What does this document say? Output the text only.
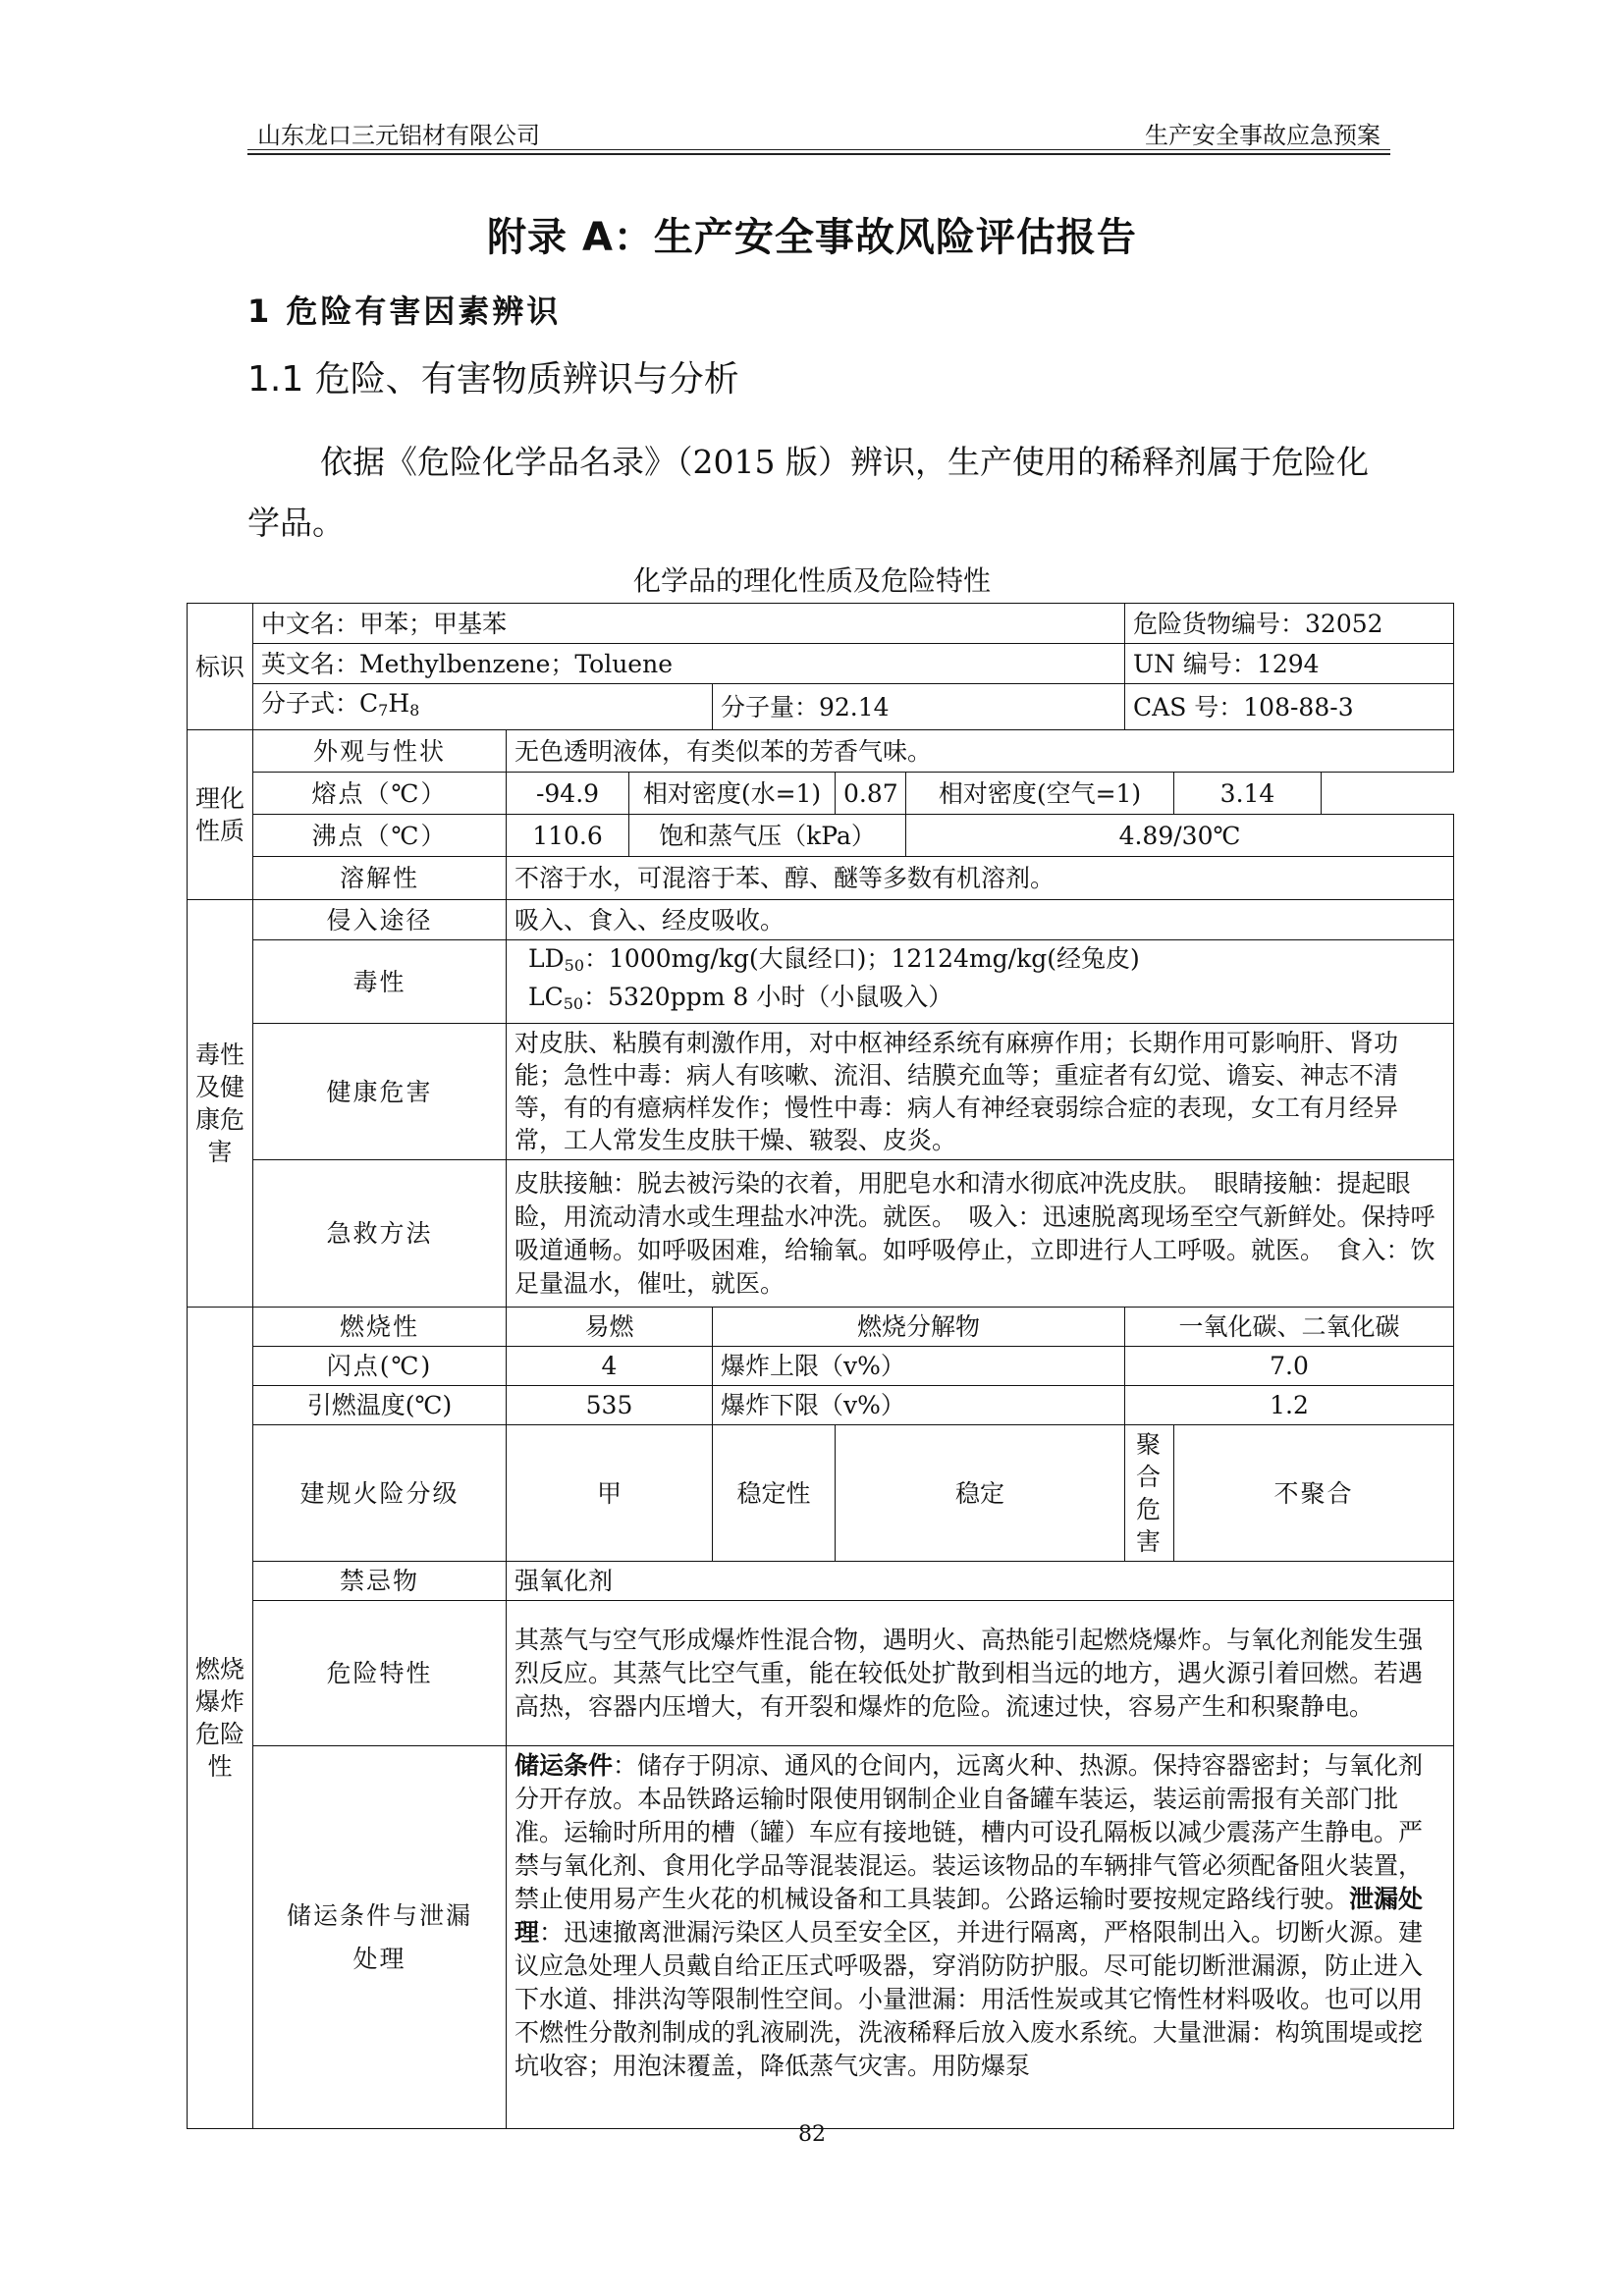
山东龙口三元铝材有限公司	生产安全事故应急预案
附录 A：生产安全事故风险评估报告
1 危险有害因素辨识
1.1 危险、有害物质辨识与分析
依据《危险化学品名录》（2015 版）辨识，生产使用的稀释剂属于危险化学品。
化学品的理化性质及危险特性
标识	中文名：甲苯；甲基苯						危险货物编号：32052	
	英文名：Methylbenzene；Toluene						UN 编号：1294	
	分子式：$C_7H_8$			分子量：92.14			CAS 号：108-88-3	
理化性质	外观与性状	无色透明液体，有类似苯的芳香气味。						
	熔点（℃）	-94.9	相对密度(水=1)		0.87	相对密度(空气=1)		3.14
	沸点（℃）	110.6	饱和蒸气压（kPa）			4.89/30℃		
	溶解性	不溶于水，可混溶于苯、醇、醚等多数有机溶剂。						
毒性及健康危害	侵入途径	吸入、食入、经皮吸收。						
	毒性	$LD_{50}$：1000mg/kg(大鼠经口)；12124mg/kg(经兔皮)
$LC_{50}$：5320ppm 8 小时（小鼠吸入）						

	健康危害	对皮肤、粘膜有刺激作用，对中枢神经系统有麻痹作用；长期作用可影响肝、肾功能；急性中毒：病人有咳嗽、流泪、结膜充血等；重症者有幻觉、谵妄、神志不清等，有的有癔病样发作；慢性中毒：病人有神经衰弱综合症的表现，女工有月经异常，工人常发生皮肤干燥、皲裂、皮炎。						
	急救方法	皮肤接触：脱去被污染的衣着，用肥皂水和清水彻底冲洗皮肤。　眼睛接触：提起眼睑，用流动清水或生理盐水冲洗。就医。　吸入：迅速脱离现场至空气新鲜处。保持呼吸道通畅。如呼吸困难，给输氧。如呼吸停止，立即进行人工呼吸。就医。　食入：饮足量温水，催吐，就医。						
燃烧爆炸危险性	燃烧性	易燃		燃烧分解物			一氧化碳、二氧化碳	
	闪点(℃)	4		爆炸上限（v%）			7.0	
	引燃温度(℃)	535		爆炸下限（v%）			1.2	
	建规火险分级	甲		稳定性	稳定		聚合危害	不聚合
	禁忌物	强氧化剂						
	危险特性	其蒸气与空气形成爆炸性混合物，遇明火、高热能引起燃烧爆炸。与氧化剂能发生强烈反应。其蒸气比空气重，能在较低处扩散到相当远的地方，遇火源引着回燃。若遇高热，容器内压增大，有开裂和爆炸的危险。流速过快，容易产生和积聚静电。						
	储运条件与泄漏处理	储运条件：储存于阴凉、通风的仓间内，远离火种、热源。保持容器密封；与氧化剂分开存放。本品铁路运输时限使用钢制企业自备罐车装运，装运前需报有关部门批准。运输时所用的槽（罐）车应有接地链，槽内可设孔隔板以减少震荡产生静电。严禁与氧化剂、食用化学品等混装混运。装运该物品的车辆排气管必须配备阻火装置，禁止使用易产生火花的机械设备和工具装卸。公路运输时要按规定路线行驶。泄漏处理：迅速撤离泄漏污染区人员至安全区，并进行隔离，严格限制出入。切断火源。建议应急处理人员戴自给正压式呼吸器，穿消防防护服。尽可能切断泄漏源，防止进入下水道、排洪沟等限制性空间。小量泄漏：用活性炭或其它惰性材料吸收。也可以用不燃性分散剂制成的乳液刷洗，洗液稀释后放入废水系统。大量泄漏：构筑围堤或挖坑收容；用泡沫覆盖，降低蒸气灾害。用防爆泵						
82
